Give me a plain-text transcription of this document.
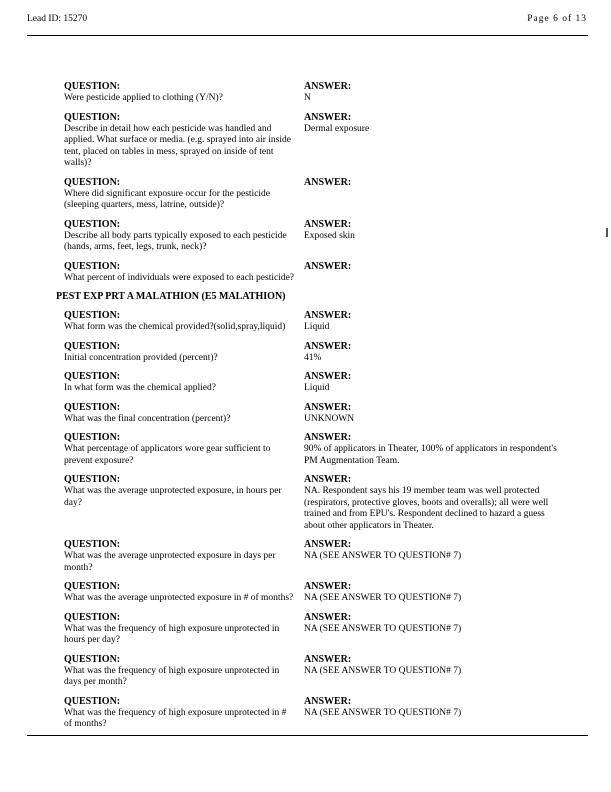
Lead ID: 15270	Page 6 of 13
QUESTION:
Were pesticide applied to clothing (Y/N)?
ANSWER:
N
QUESTION:
Describe in detail how each pesticide was handled and applied. What surface or media. (e.g. sprayed into air inside tent, placed on tables in mess, sprayed on inside of tent walls)?
ANSWER:
Dermal exposure
QUESTION:
Where did significant exposure occur for the pesticide (sleeping quarters, mess, latrine, outside)?
ANSWER:
QUESTION:
Describe all body parts typically exposed to each pesticide (hands, arms, feet, legs, trunk, neck)?
ANSWER:
Exposed skin
QUESTION:
What percent of individuals were exposed to each pesticide?
ANSWER:
PEST EXP PRT A MALATHION (E5 MALATHION)
QUESTION:
What form was the chemical provided?(solid,spray,liquid)
ANSWER:
Liquid
QUESTION:
Initial concentration provided (percent)?
ANSWER:
41%
QUESTION:
In what form was the chemical applied?
ANSWER:
Liquid
QUESTION:
What was the final concentration (percent)?
ANSWER:
UNKNOWN
QUESTION:
What percentage of applicators wore gear sufficient to prevent exposure?
ANSWER:
90% of applicators in Theater, 100% of applicators in respondent's PM Augmentation Team.
QUESTION:
What was the average unprotected exposure, in hours per day?
ANSWER:
NA. Respondent says his 19 member team was well protected (respirators, protective gloves, boots and overalls); all were well trained and from EPU's. Respondent declined to hazard a guess about other applicators in Theater.
QUESTION:
What was the average unprotected exposure in days per month?
ANSWER:
NA (SEE ANSWER TO QUESTION# 7)
QUESTION:
What was the average unprotected exposure in # of months?
ANSWER:
NA (SEE ANSWER TO QUESTION# 7)
QUESTION:
What was the frequency of high exposure unprotected in hours per day?
ANSWER:
NA (SEE ANSWER TO QUESTION# 7)
QUESTION:
What was the frequency of high exposure unprotected in days per month?
ANSWER:
NA (SEE ANSWER TO QUESTION# 7)
QUESTION:
What was the frequency of high exposure unprotected in # of months?
ANSWER:
NA (SEE ANSWER TO QUESTION# 7)
